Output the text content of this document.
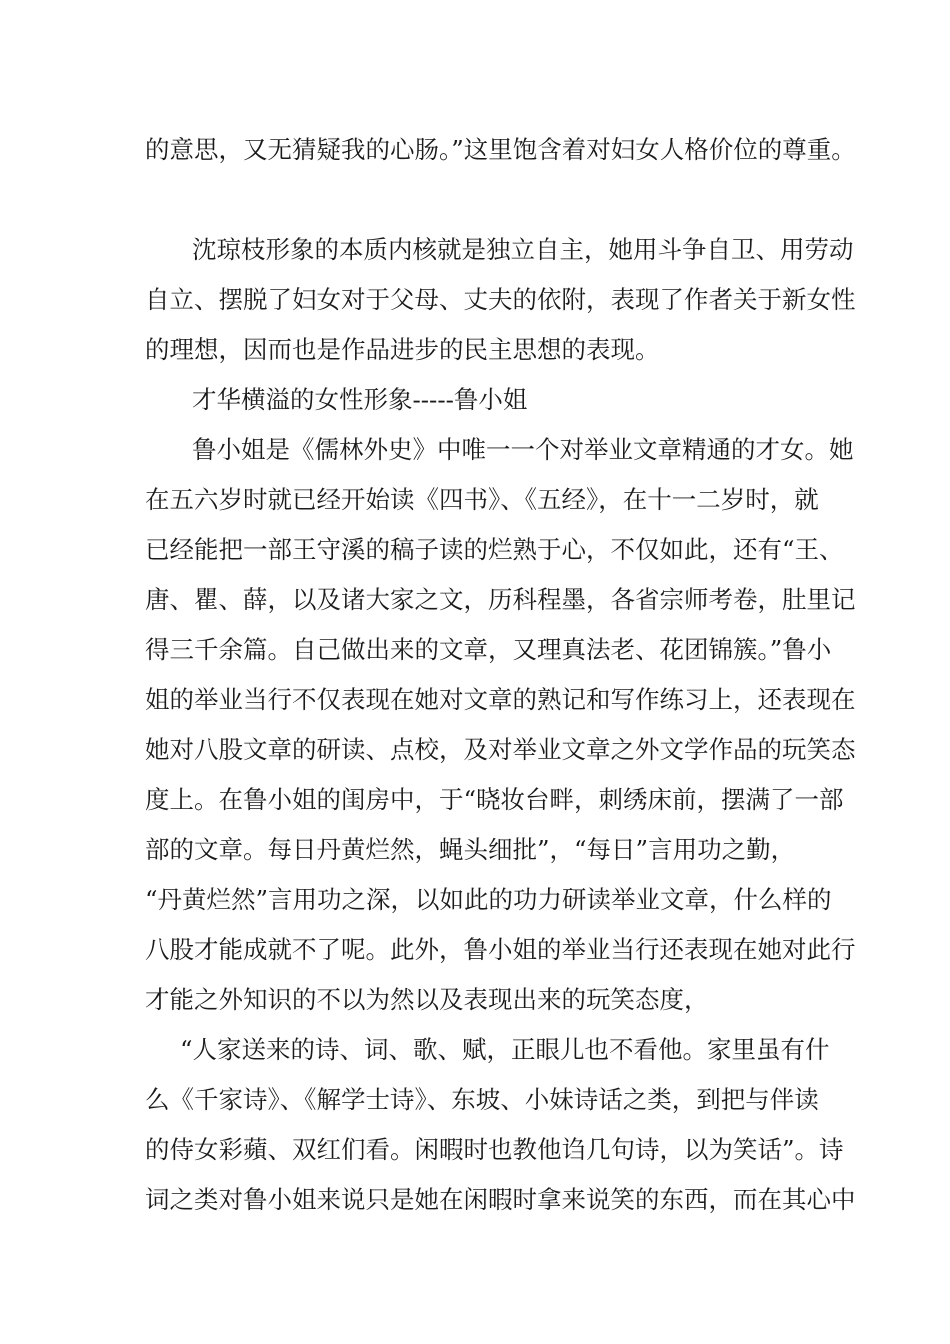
的意思，又无猜疑我的心肠。”这里饱含着对妇女人格价位的尊重。
沈琼枝形象的本质内核就是独立自主，她用斗争自卫、用劳动
自立、摆脱了妇女对于父母、丈夫的依附，表现了作者关于新女性
的理想，因而也是作品进步的民主思想的表现。
才华横溢的女性形象-----鲁小姐
鲁小姐是《儒林外史》中唯一一个对举业文章精通的才女。她
在五六岁时就已经开始读《四书》、《五经》，在十一二岁时，就
已经能把一部王守溪的稿子读的烂熟于心，不仅如此，还有“王、
唐、瞿、薛，以及诸大家之文，历科程墨，各省宗师考卷，肚里记
得三千余篇。自己做出来的文章，又理真法老、花团锦簇。”鲁小
姐的举业当行不仅表现在她对文章的熟记和写作练习上，还表现在
她对八股文章的研读、点校，及对举业文章之外文学作品的玩笑态
度上。在鲁小姐的闺房中，于“晓妆台畔，刺绣床前，摆满了一部
部的文章。每日丹黄烂然，蝇头细批”，“每日”言用功之勤，
“丹黄烂然”言用功之深，以如此的功力研读举业文章，什么样的
八股才能成就不了呢。此外，鲁小姐的举业当行还表现在她对此行
才能之外知识的不以为然以及表现出来的玩笑态度，
“人家送来的诗、词、歌、赋，正眼儿也不看他。家里虽有什
么《千家诗》、《解学士诗》、东坡、小妹诗话之类，到把与伴读
的侍女彩蘋、双红们看。闲暇时也教他诌几句诗，以为笑话”。诗
词之类对鲁小姐来说只是她在闲暇时拿来说笑的东西，而在其心中
